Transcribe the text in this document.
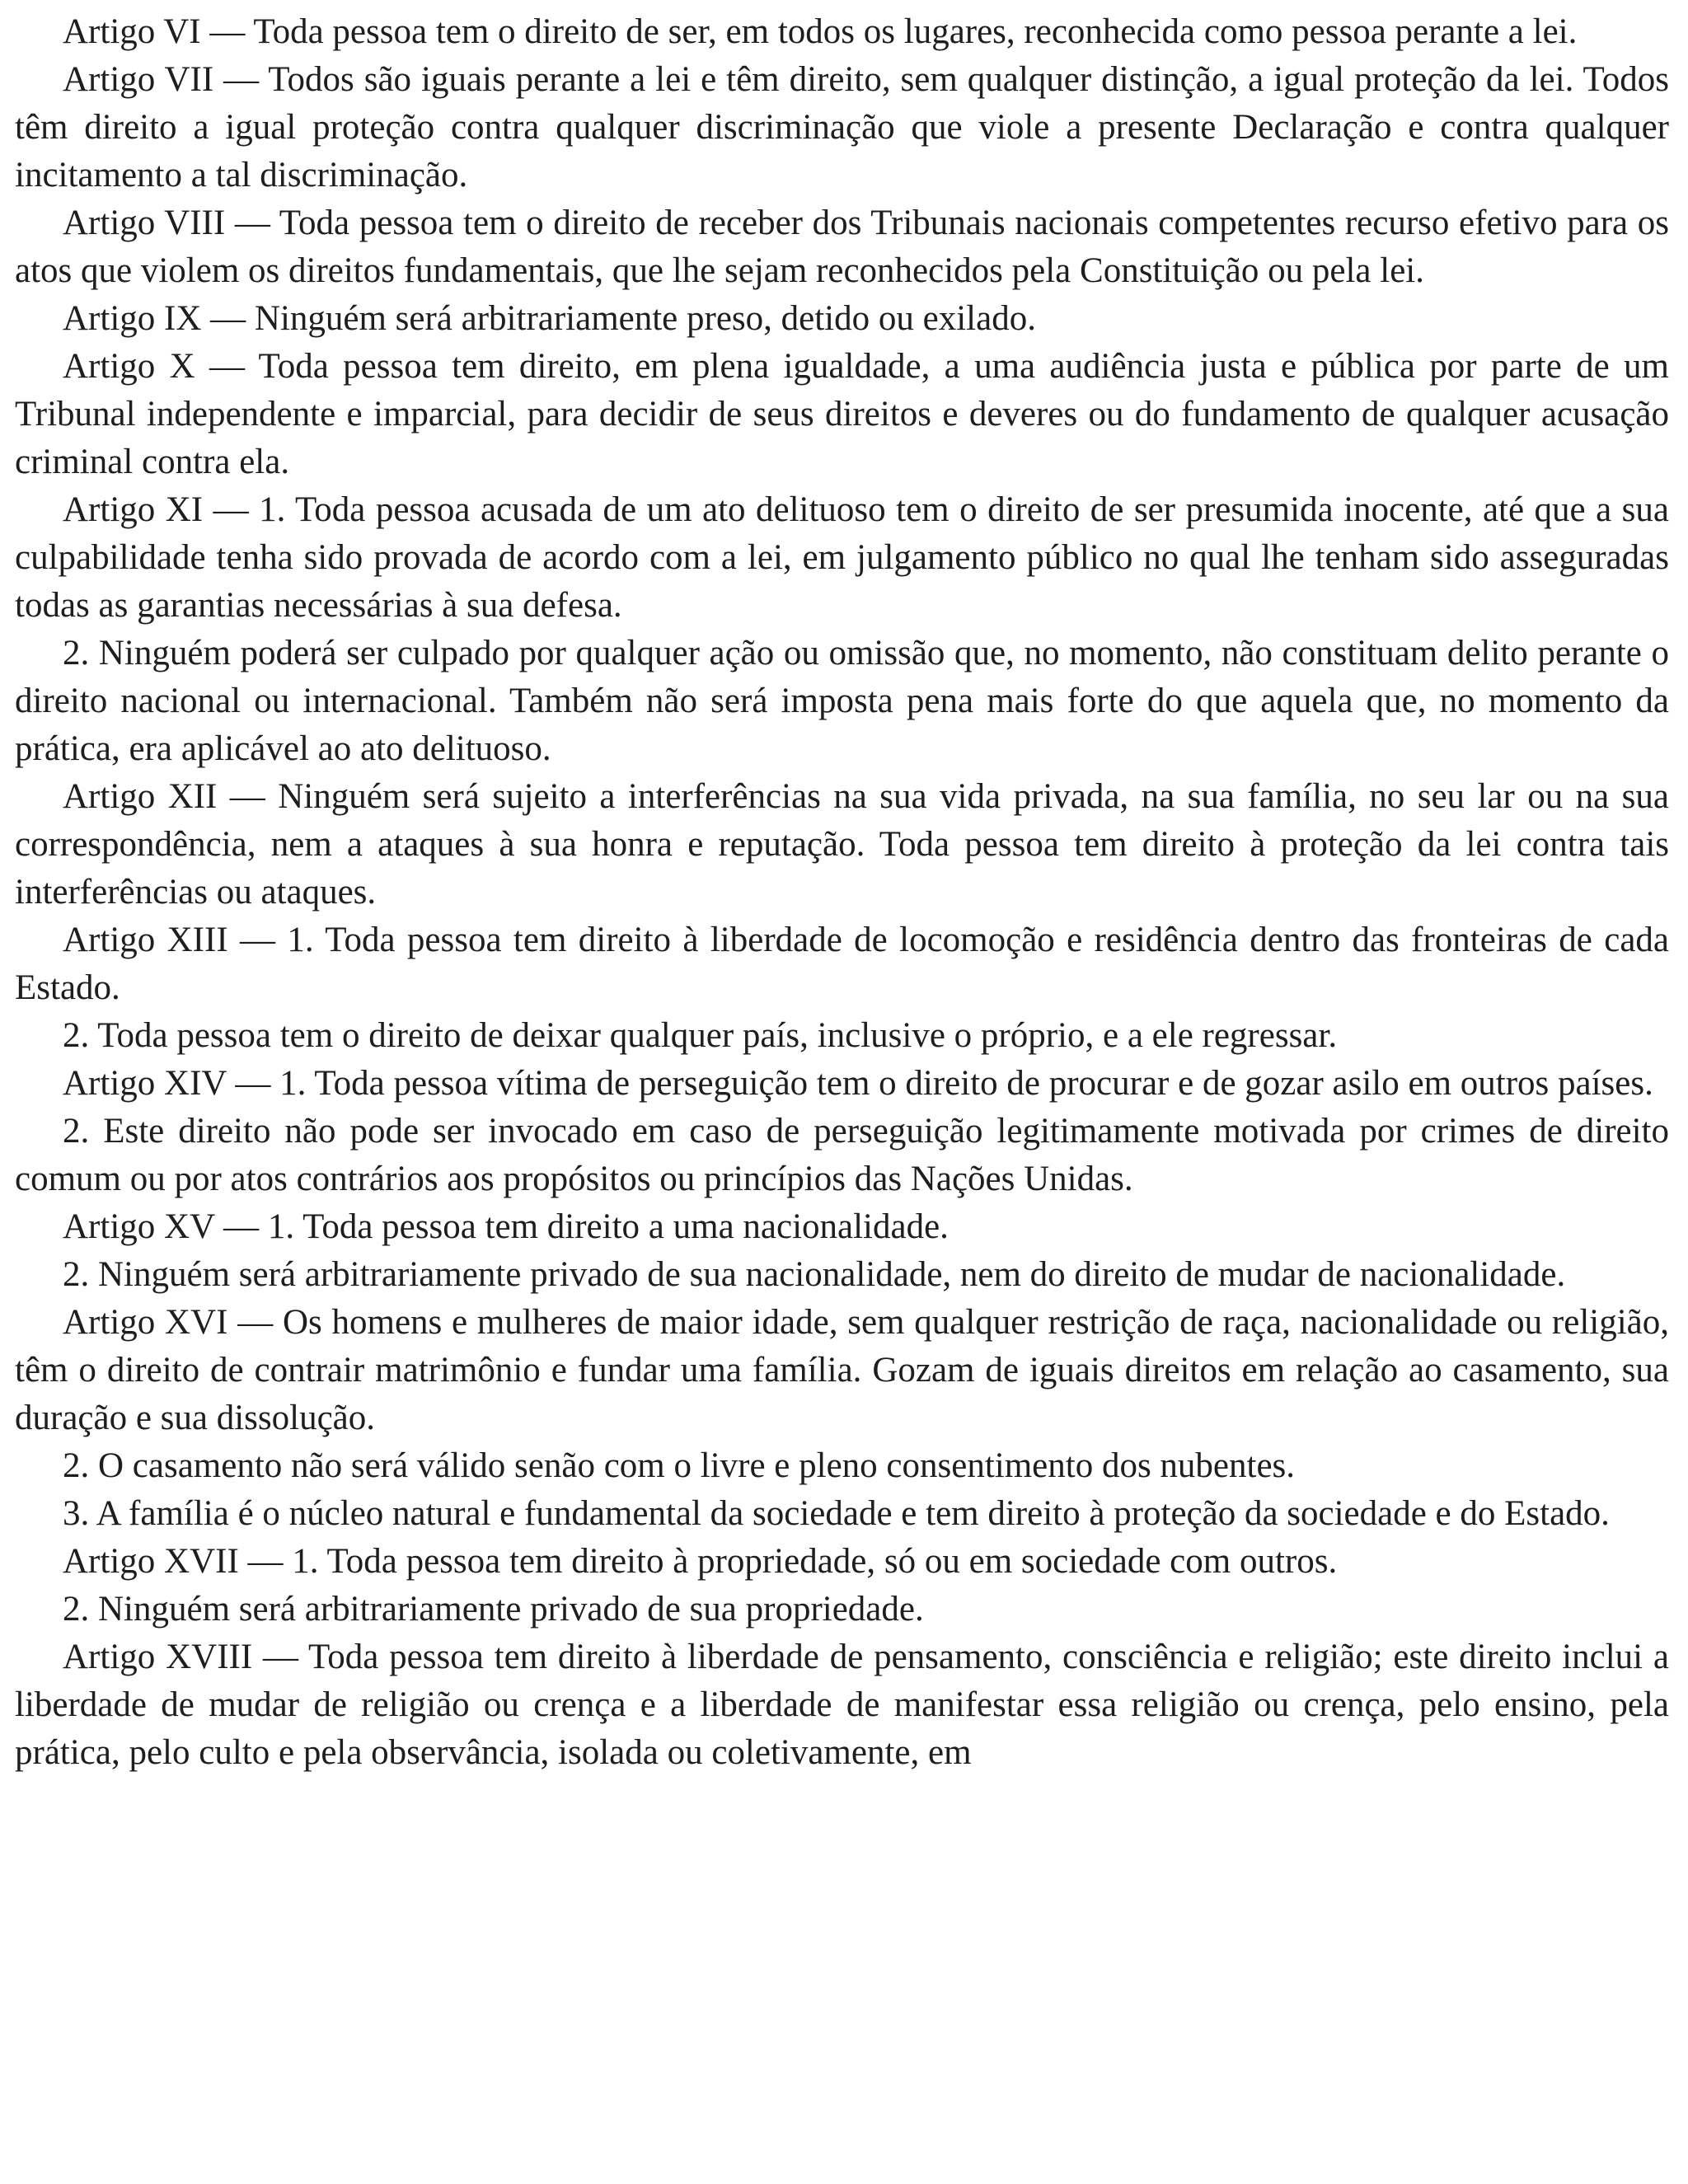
Artigo VI — Toda pessoa tem o direito de ser, em todos os lugares, reconhecida como pessoa perante a lei.

Artigo VII — Todos são iguais perante a lei e têm direito, sem qualquer distinção, a igual proteção da lei. Todos têm direito a igual proteção contra qualquer discriminação que viole a presente Declaração e contra qualquer incitamento a tal discriminação.

Artigo VIII — Toda pessoa tem o direito de receber dos Tribunais nacionais competentes recurso efetivo para os atos que violem os direitos fundamentais, que lhe sejam reconhecidos pela Constituição ou pela lei.

Artigo IX — Ninguém será arbitrariamente preso, detido ou exilado.

Artigo X — Toda pessoa tem direito, em plena igualdade, a uma audiência justa e pública por parte de um Tribunal independente e imparcial, para decidir de seus direitos e deveres ou do fundamento de qualquer acusação criminal contra ela.

Artigo XI — 1. Toda pessoa acusada de um ato delituoso tem o direito de ser presumida inocente, até que a sua culpabilidade tenha sido provada de acordo com a lei, em julgamento público no qual lhe tenham sido asseguradas todas as garantias necessárias à sua defesa.

2. Ninguém poderá ser culpado por qualquer ação ou omissão que, no momento, não constituam delito perante o direito nacional ou internacional. Também não será imposta pena mais forte do que aquela que, no momento da prática, era aplicável ao ato delituoso.

Artigo XII — Ninguém será sujeito a interferências na sua vida privada, na sua família, no seu lar ou na sua correspondência, nem a ataques à sua honra e reputação. Toda pessoa tem direito à proteção da lei contra tais interferências ou ataques.

Artigo XIII — 1. Toda pessoa tem direito à liberdade de locomoção e residência dentro das fronteiras de cada Estado.

2. Toda pessoa tem o direito de deixar qualquer país, inclusive o próprio, e a ele regressar.

Artigo XIV — 1. Toda pessoa vítima de perseguição tem o direito de procurar e de gozar asilo em outros países.

2. Este direito não pode ser invocado em caso de perseguição legitimamente motivada por crimes de direito comum ou por atos contrários aos propósitos ou princípios das Nações Unidas.

Artigo XV — 1. Toda pessoa tem direito a uma nacionalidade.

2. Ninguém será arbitrariamente privado de sua nacionalidade, nem do direito de mudar de nacionalidade.

Artigo XVI — Os homens e mulheres de maior idade, sem qualquer restrição de raça, nacionalidade ou religião, têm o direito de contrair matrimônio e fundar uma família. Gozam de iguais direitos em relação ao casamento, sua duração e sua dissolução.

2. O casamento não será válido senão com o livre e pleno consentimento dos nubentes.

3. A família é o núcleo natural e fundamental da sociedade e tem direito à proteção da sociedade e do Estado.

Artigo XVII — 1. Toda pessoa tem direito à propriedade, só ou em sociedade com outros.

2. Ninguém será arbitrariamente privado de sua propriedade.

Artigo XVIII — Toda pessoa tem direito à liberdade de pensamento, consciência e religião; este direito inclui a liberdade de mudar de religião ou crença e a liberdade de manifestar essa religião ou crença, pelo ensino, pela prática, pelo culto e pela observância, isolada ou coletivamente, em
